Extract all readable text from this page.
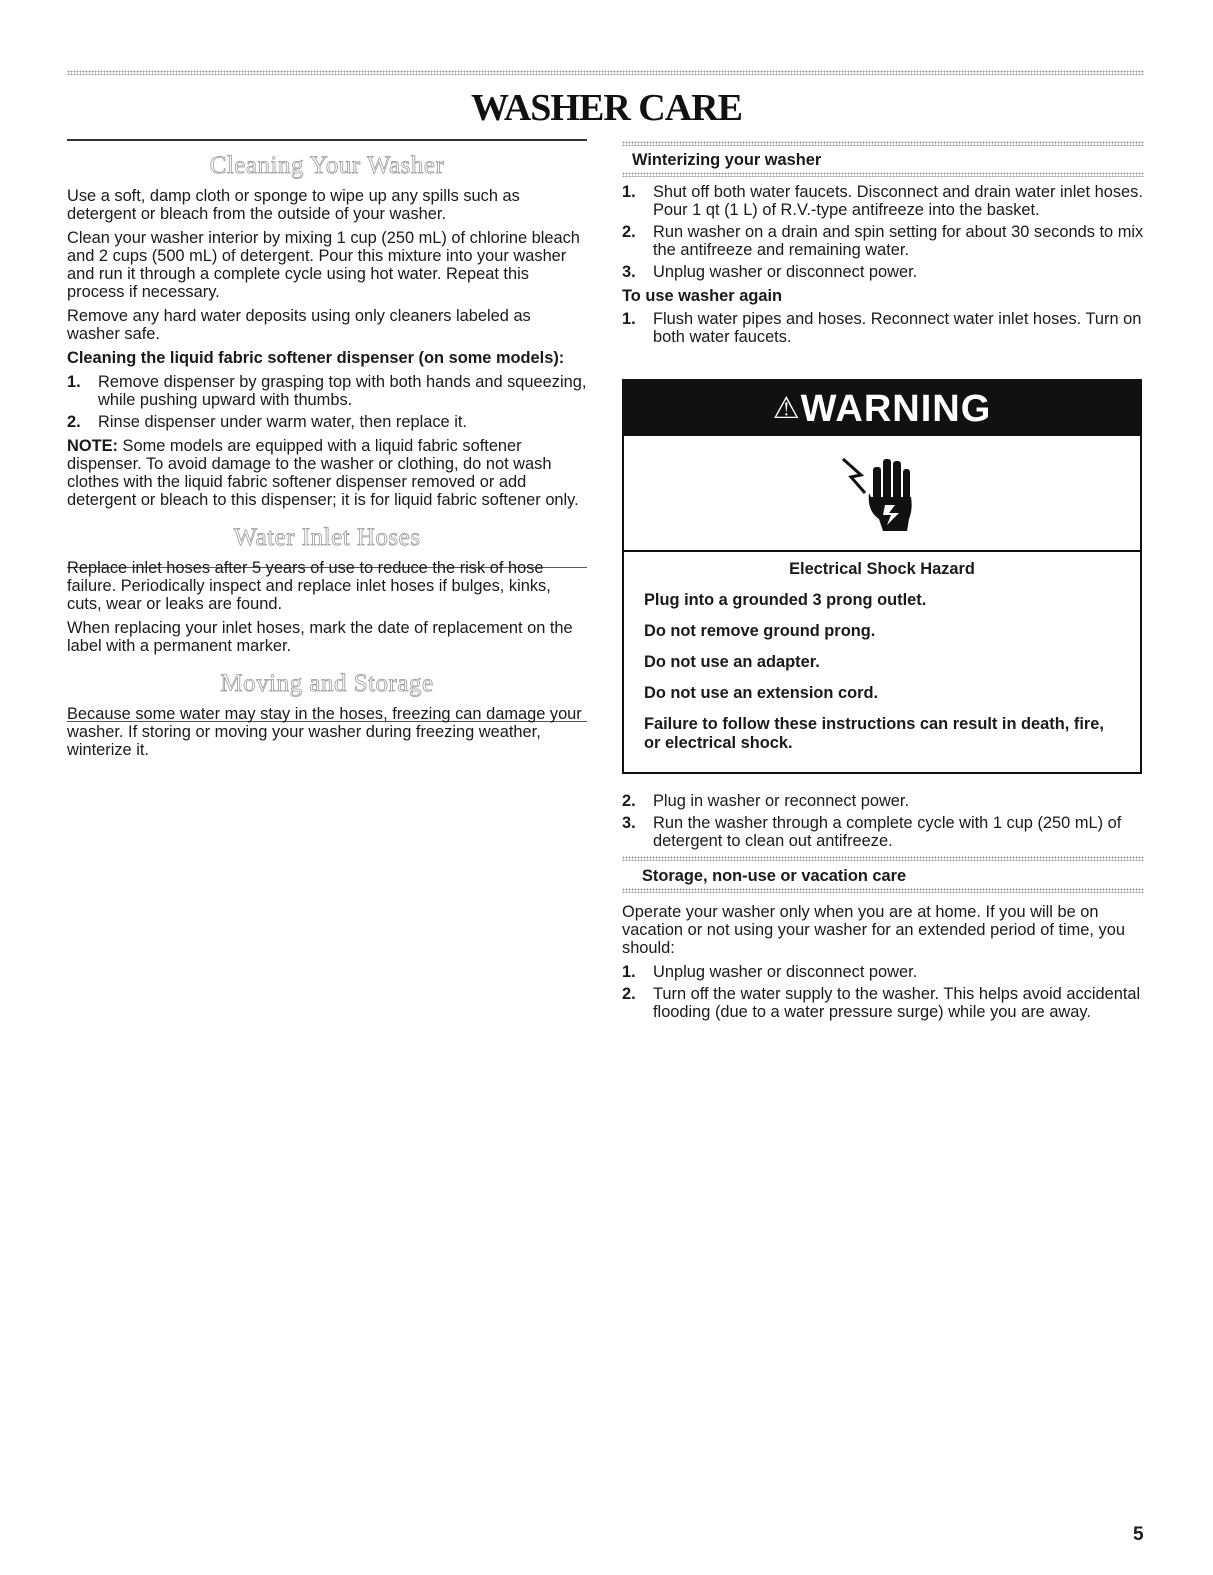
WASHER CARE
Cleaning Your Washer

Use a soft, damp cloth or sponge to wipe up any spills such as detergent or bleach from the outside of your washer.

Clean your washer interior by mixing 1 cup (250 mL) of chlorine bleach and 2 cups (500 mL) of detergent. Pour this mixture into your washer and run it through a complete cycle using hot water. Repeat this process if necessary.

Remove any hard water deposits using only cleaners labeled as washer safe.

Cleaning the liquid fabric softener dispenser (on some models):

1. Remove dispenser by grasping top with both hands and squeezing, while pushing upward with thumbs.
2. Rinse dispenser under warm water, then replace it.

NOTE: Some models are equipped with a liquid fabric softener dispenser. To avoid damage to the washer or clothing, do not wash clothes with the liquid fabric softener dispenser removed or add detergent or bleach to this dispenser; it is for liquid fabric softener only.

Water Inlet Hoses

Replace inlet hoses after 5 years of use to reduce the risk of hose failure. Periodically inspect and replace inlet hoses if bulges, kinks, cuts, wear or leaks are found.

When replacing your inlet hoses, mark the date of replacement on the label with a permanent marker.

Moving and Storage

Because some water may stay in the hoses, freezing can damage your washer. If storing or moving your washer during freezing weather, winterize it.

Winterizing your washer

1. Shut off both water faucets. Disconnect and drain water inlet hoses. Pour 1 qt (1 L) of R.V.-type antifreeze into the basket.
2. Run washer on a drain and spin setting for about 30 seconds to mix the antifreeze and remaining water.
3. Unplug washer or disconnect power.

To use washer again

1. Flush water pipes and hoses. Reconnect water inlet hoses. Turn on both water faucets.
⚠WARNING

Electrical Shock Hazard

Plug into a grounded 3 prong outlet.

Do not remove ground prong.

Do not use an adapter.

Do not use an extension cord.

Failure to follow these instructions can result in death, fire, or electrical shock.

2. Plug in washer or reconnect power.
3. Run the washer through a complete cycle with 1 cup (250 mL) of detergent to clean out antifreeze.

Storage, non-use or vacation care

Operate your washer only when you are at home. If you will be on vacation or not using your washer for an extended period of time, you should:

1. Unplug washer or disconnect power.
2. Turn off the water supply to the washer. This helps avoid accidental flooding (due to a water pressure surge) while you are away.
5
